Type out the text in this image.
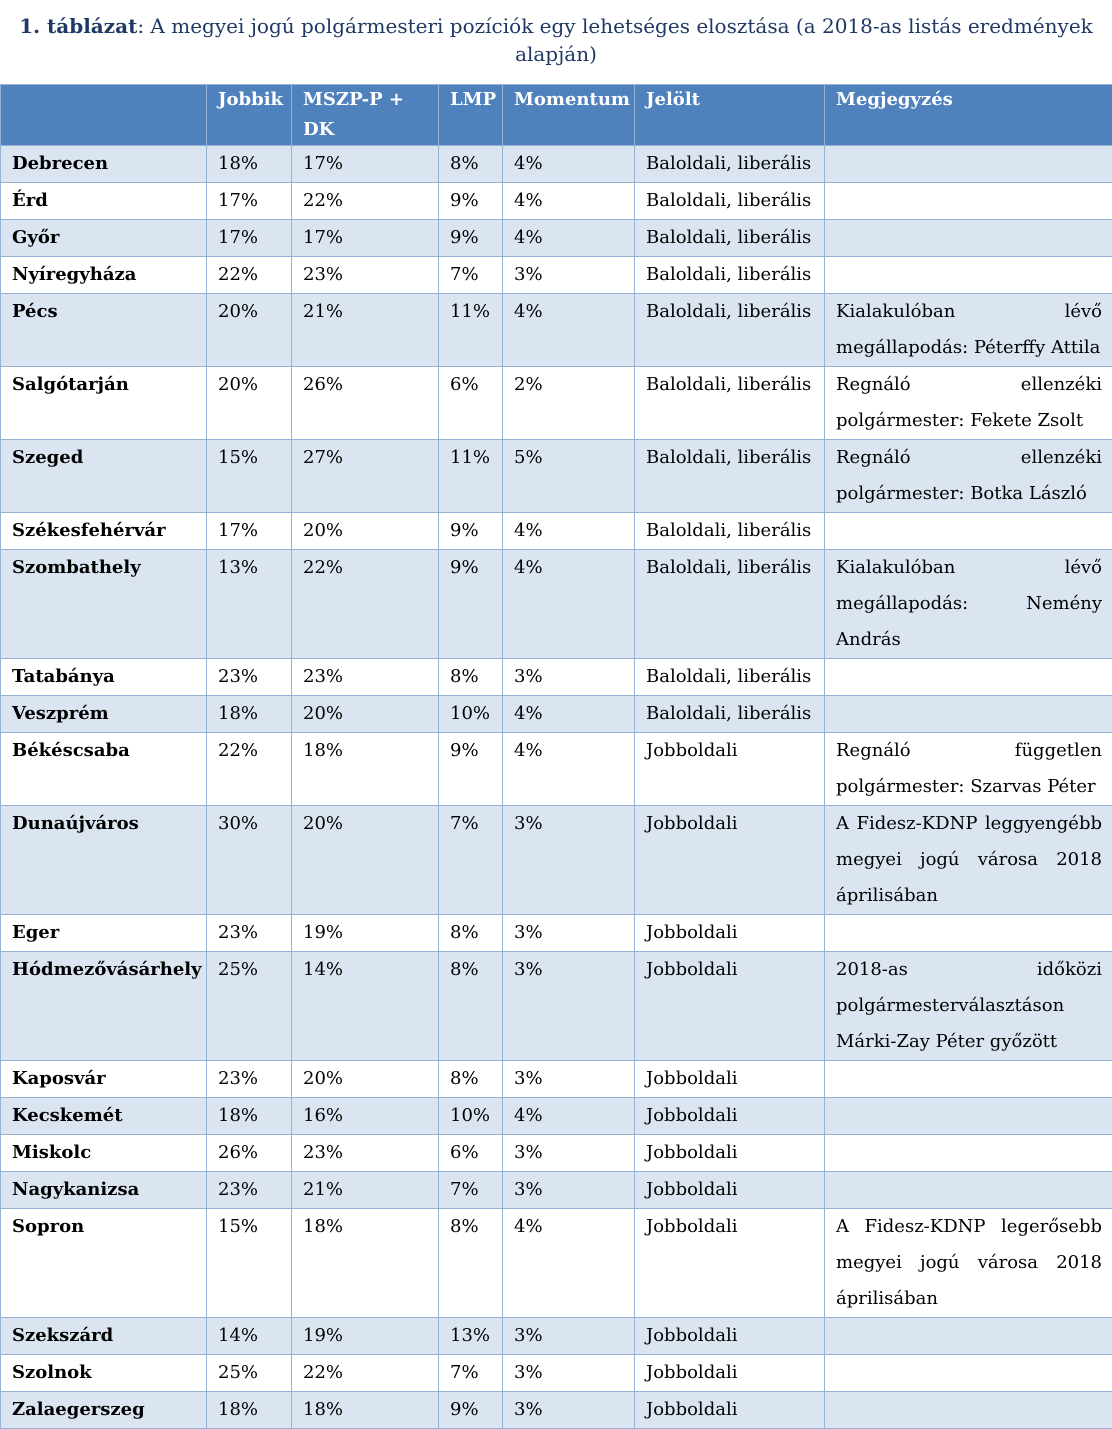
1. táblázat: A megyei jogú polgármesteri pozíciók egy lehetséges elosztása (a 2018-as listás eredmények alapján)
	Jobbik	MSZP-P + DK	LMP	Momentum	Jelölt	Megjegyzés
Debrecen	18%	17%	8%	4%	Baloldali, liberális	
Érd	17%	22%	9%	4%	Baloldali, liberális	
Győr	17%	17%	9%	4%	Baloldali, liberális	
Nyíregyháza	22%	23%	7%	3%	Baloldali, liberális	
Pécs	20%	21%	11%	4%	Baloldali, liberális	Kialakulóban lévő megállapodás: Péterffy Attila
Salgótarján	20%	26%	6%	2%	Baloldali, liberális	Regnáló ellenzéki polgármester: Fekete Zsolt
Szeged	15%	27%	11%	5%	Baloldali, liberális	Regnáló ellenzéki polgármester: Botka László
Székesfehérvár	17%	20%	9%	4%	Baloldali, liberális	
Szombathely	13%	22%	9%	4%	Baloldali, liberális	Kialakulóban lévő megállapodás: Nemény András
Tatabánya	23%	23%	8%	3%	Baloldali, liberális	
Veszprém	18%	20%	10%	4%	Baloldali, liberális	
Békéscsaba	22%	18%	9%	4%	Jobboldali	Regnáló független polgármester: Szarvas Péter
Dunaújváros	30%	20%	7%	3%	Jobboldali	A Fidesz-KDNP leggyengébb megyei jogú városa 2018 áprilisában
Eger	23%	19%	8%	3%	Jobboldali	
Hódmezővásárhely	25%	14%	8%	3%	Jobboldali	2018-as időközi polgármesterválasztáson Márki-Zay Péter győzött
Kaposvár	23%	20%	8%	3%	Jobboldali	
Kecskemét	18%	16%	10%	4%	Jobboldali	
Miskolc	26%	23%	6%	3%	Jobboldali	
Nagykanizsa	23%	21%	7%	3%	Jobboldali	
Sopron	15%	18%	8%	4%	Jobboldali	A Fidesz-KDNP legerősebb megyei jogú városa 2018 áprilisában
Szekszárd	14%	19%	13%	3%	Jobboldali	
Szolnok	25%	22%	7%	3%	Jobboldali	
Zalaegerszeg	18%	18%	9%	3%	Jobboldali	
